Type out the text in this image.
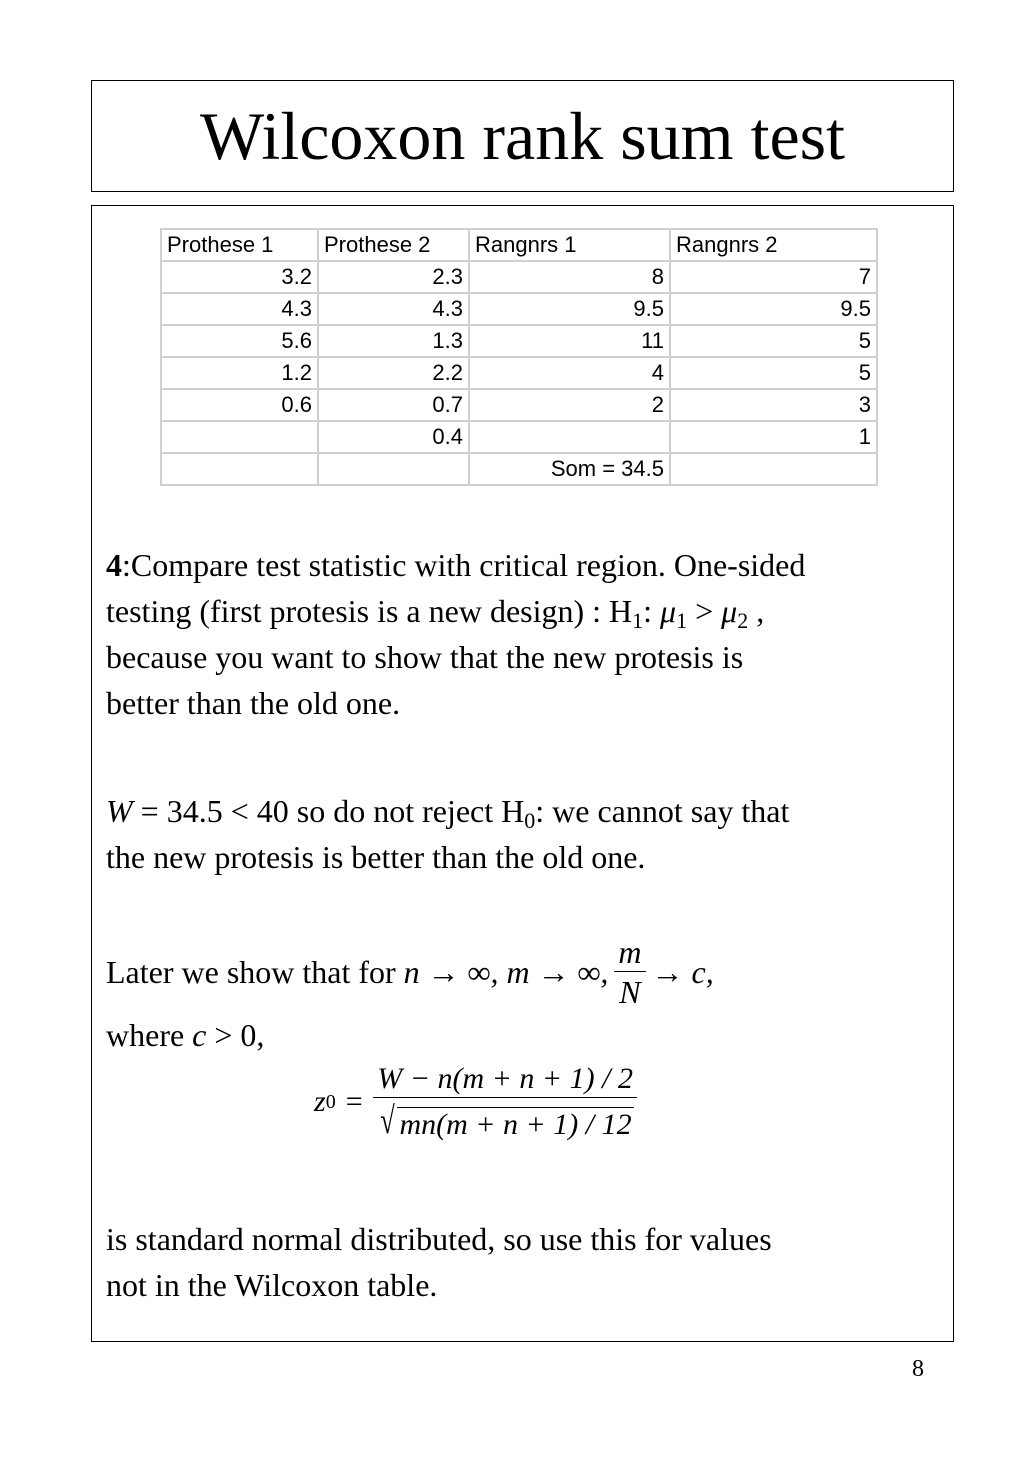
Wilcoxon rank sum test
Prothese 1	Prothese 2	Rangnrs 1	Rangnrs 2
3.2	2.3	8	7
4.3	4.3	9.5	9.5
5.6	1.3	11	5
1.2	2.2	4	5
0.6	0.7	2	3
	0.4		1
		Som = 34.5	
4:Compare test statistic with critical region. One-sided
testing (first protesis is a new design) : $H_1$: $\mu_1 > \mu_2$ ,
because you want to show that the new protesis is
better than the old one.
W = 34.5 < 40 so do not reject $H_0$: we cannot say that
the new protesis is better than the old one.
Later we show that for n → ∞, m → ∞, $\frac{m}{N} \to c$,
where c > 0,
z $0 = \frac{W - n(m + n + 1) / 2}{√ mn(m + n + 1) / 12}$
is standard normal distributed, so use this for values
not in the Wilcoxon table.
8
